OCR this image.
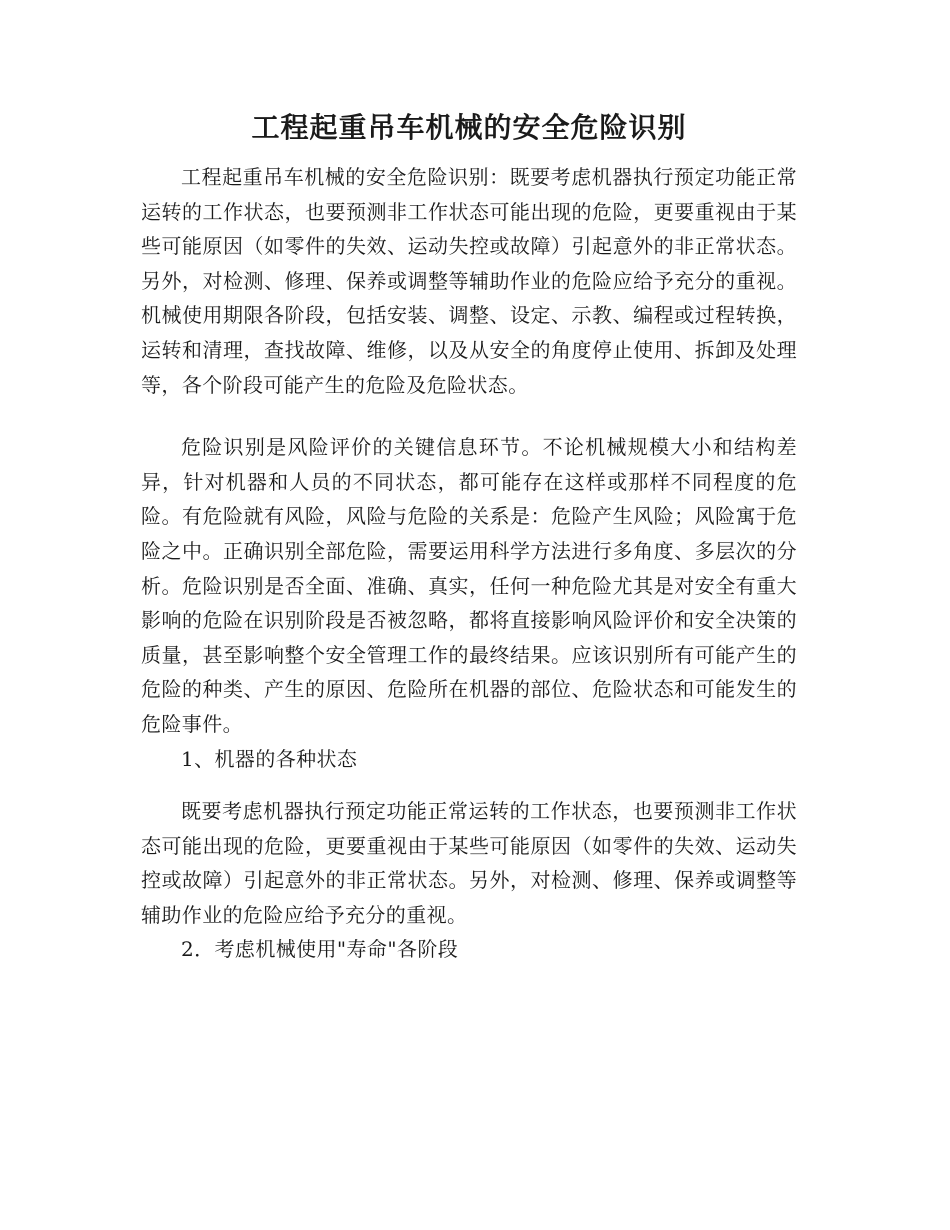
工程起重吊车机械的安全危险识别

工程起重吊车机械的安全危险识别：既要考虑机器执行预定功能正常运转的工作状态，也要预测非工作状态可能出现的危险，更要重视由于某些可能原因（如零件的失效、运动失控或故障）引起意外的非正常状态。另外，对检测、修理、保养或调整等辅助作业的危险应给予充分的重视。机械使用期限各阶段，包括安装、调整、设定、示教、编程或过程转换，运转和清理，查找故障、维修，以及从安全的角度停止使用、拆卸及处理等，各个阶段可能产生的危险及危险状态。

危险识别是风险评价的关键信息环节。不论机械规模大小和结构差异，针对机器和人员的不同状态，都可能存在这样或那样不同程度的危险。有危险就有风险，风险与危险的关系是：危险产生风险；风险寓于危险之中。正确识别全部危险，需要运用科学方法进行多角度、多层次的分析。危险识别是否全面、准确、真实，任何一种危险尤其是对安全有重大影响的危险在识别阶段是否被忽略，都将直接影响风险评价和安全决策的质量，甚至影响整个安全管理工作的最终结果。应该识别所有可能产生的危险的种类、产生的原因、危险所在机器的部位、危险状态和可能发生的危险事件。

1、机器的各种状态

既要考虑机器执行预定功能正常运转的工作状态，也要预测非工作状态可能出现的危险，更要重视由于某些可能原因（如零件的失效、运动失控或故障）引起意外的非正常状态。另外，对检测、修理、保养或调整等辅助作业的危险应给予充分的重视。

2．考虑机械使用"寿命"各阶段
